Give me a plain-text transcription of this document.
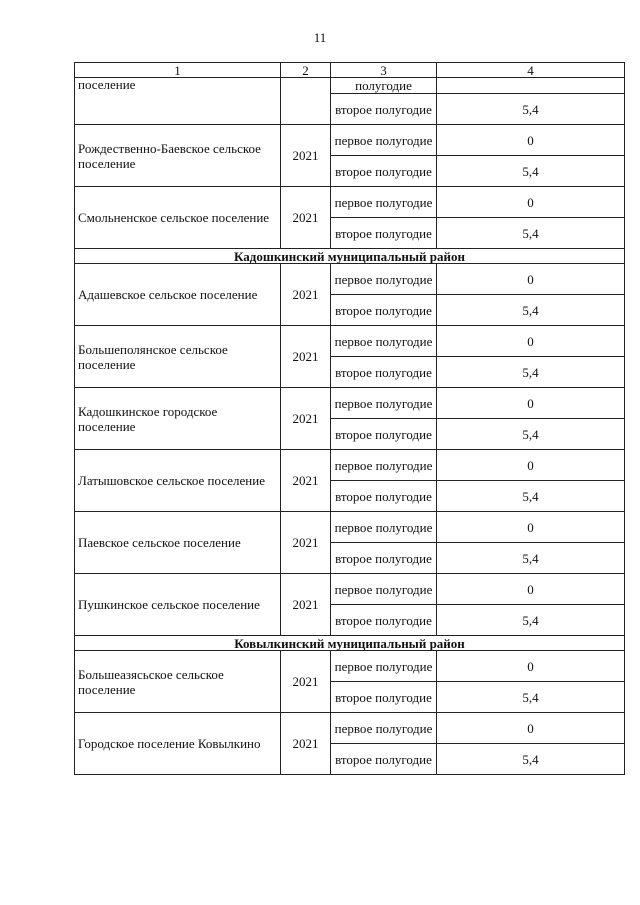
11
1	2	3	4
поселение		полугодие	
		второе полугодие	5,4
Рождественно-Баевское сельское поселение	2021	первое полугодие	0
		второе полугодие	5,4
Смольненское сельское поселение	2021	первое полугодие	0
		второе полугодие	5,4
Кадошкинский муниципальный район			
Адашевское сельское поселение	2021	первое полугодие	0
		второе полугодие	5,4
Большеполянское сельское поселение	2021	первое полугодие	0
		второе полугодие	5,4
Кадошкинское городское поселение	2021	первое полугодие	0
		второе полугодие	5,4
Латышовское сельское поселение	2021	первое полугодие	0
		второе полугодие	5,4
Паевское сельское поселение	2021	первое полугодие	0
		второе полугодие	5,4
Пушкинское сельское поселение	2021	первое полугодие	0
		второе полугодие	5,4
Ковылкинский муниципальный район			
Большеазясьское сельское поселение	2021	первое полугодие	0
		второе полугодие	5,4
Городское поселение Ковылкино	2021	первое полугодие	0
		второе полугодие	5,4
